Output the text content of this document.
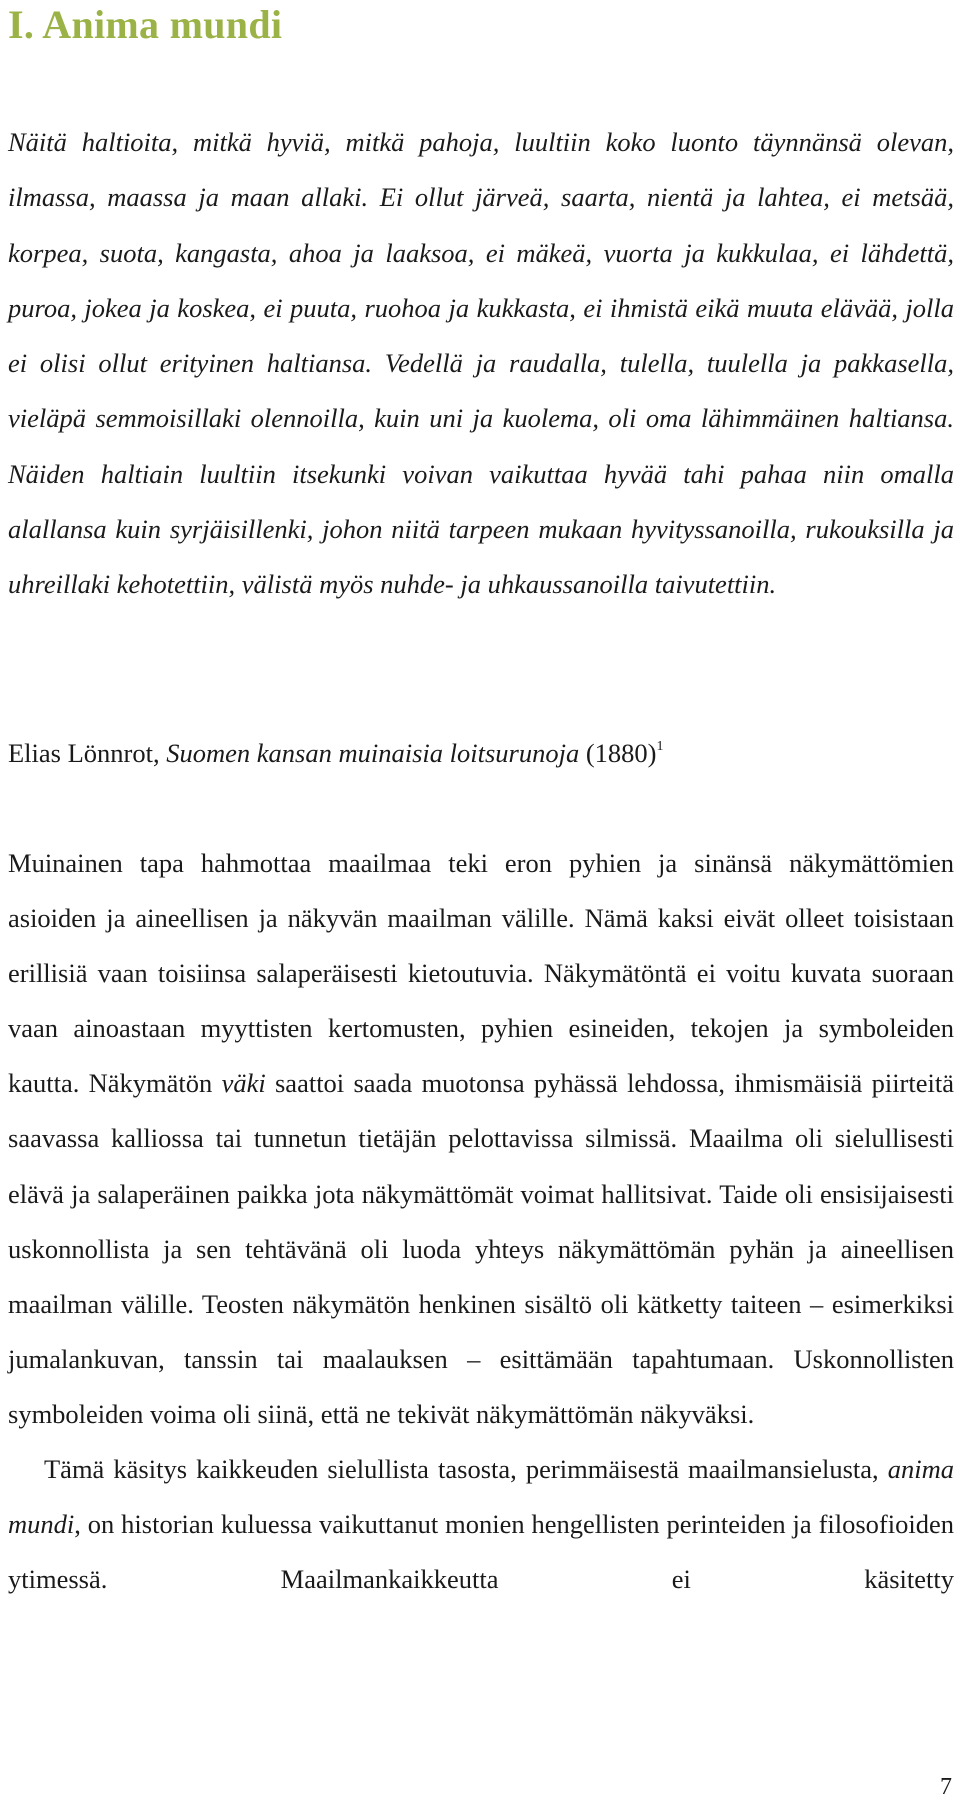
I. Anima mundi

Näitä haltioita, mitkä hyviä, mitkä pahoja, luultiin koko luonto täynnänsä olevan, ilmassa, maassa ja maan allaki. Ei ollut järveä, saarta, nientä ja lahtea, ei metsää, korpea, suota, kangasta, ahoa ja laaksoa, ei mäkeä, vuorta ja kukkulaa, ei lähdettä, puroa, jokea ja koskea, ei puuta, ruohoa ja kukkasta, ei ihmistä eikä muuta elävää, jolla ei olisi ollut erityinen haltiansa. Vedellä ja raudalla, tulella, tuulella ja pakkasella, vieläpä semmoisillaki olennoilla, kuin uni ja kuolema, oli oma lähimmäinen haltiansa. Näiden haltiain luultiin itsekunki voivan vaikuttaa hyvää tahi pahaa niin omalla alallansa kuin syrjäisillenki, johon niitä tarpeen mukaan hyvityssanoilla, rukouksilla ja uhreillaki kehotettiin, välistä myös nuhde- ja uhkaussanoilla taivutettiin.

Elias Lönnrot, Suomen kansan muinaisia loitsurunoja $(1880)^1$

Muinainen tapa hahmottaa maailmaa teki eron pyhien ja sinänsä näkymättömien asioiden ja aineellisen ja näkyvän maailman välille. Nämä kaksi eivät olleet toisistaan erillisiä vaan toisiinsa salaperäisesti kietoutuvia. Näkymätöntä ei voitu kuvata suoraan vaan ainoastaan myyttisten kertomusten, pyhien esineiden, tekojen ja symboleiden kautta. Näkymätön väki saattoi saada muotonsa pyhässä lehdossa, ihmismäisiä piirteitä saavassa kalliossa tai tunnetun tietäjän pelottavissa silmissä. Maailma oli sielullisesti elävä ja salaperäinen paikka jota näkymättömät voimat hallitsivat. Taide oli ensisijaisesti uskonnollista ja sen tehtävänä oli luoda yhteys näkymättömän pyhän ja aineellisen maailman välille. Teosten näkymätön henkinen sisältö oli kätketty taiteen – esimerkiksi jumalankuvan, tanssin tai maalauksen – esittämään tapahtumaan. Uskonnollisten symboleiden voima oli siinä, että ne tekivät näkymättömän näkyväksi.

Tämä käsitys kaikkeuden sielullista tasosta, perimmäisestä maailmansielusta, anima mundi, on historian kuluessa vaikuttanut monien hengellisten perinteiden ja filosofioiden ytimessä. Maailmankaikkeutta ei käsitetty

7
